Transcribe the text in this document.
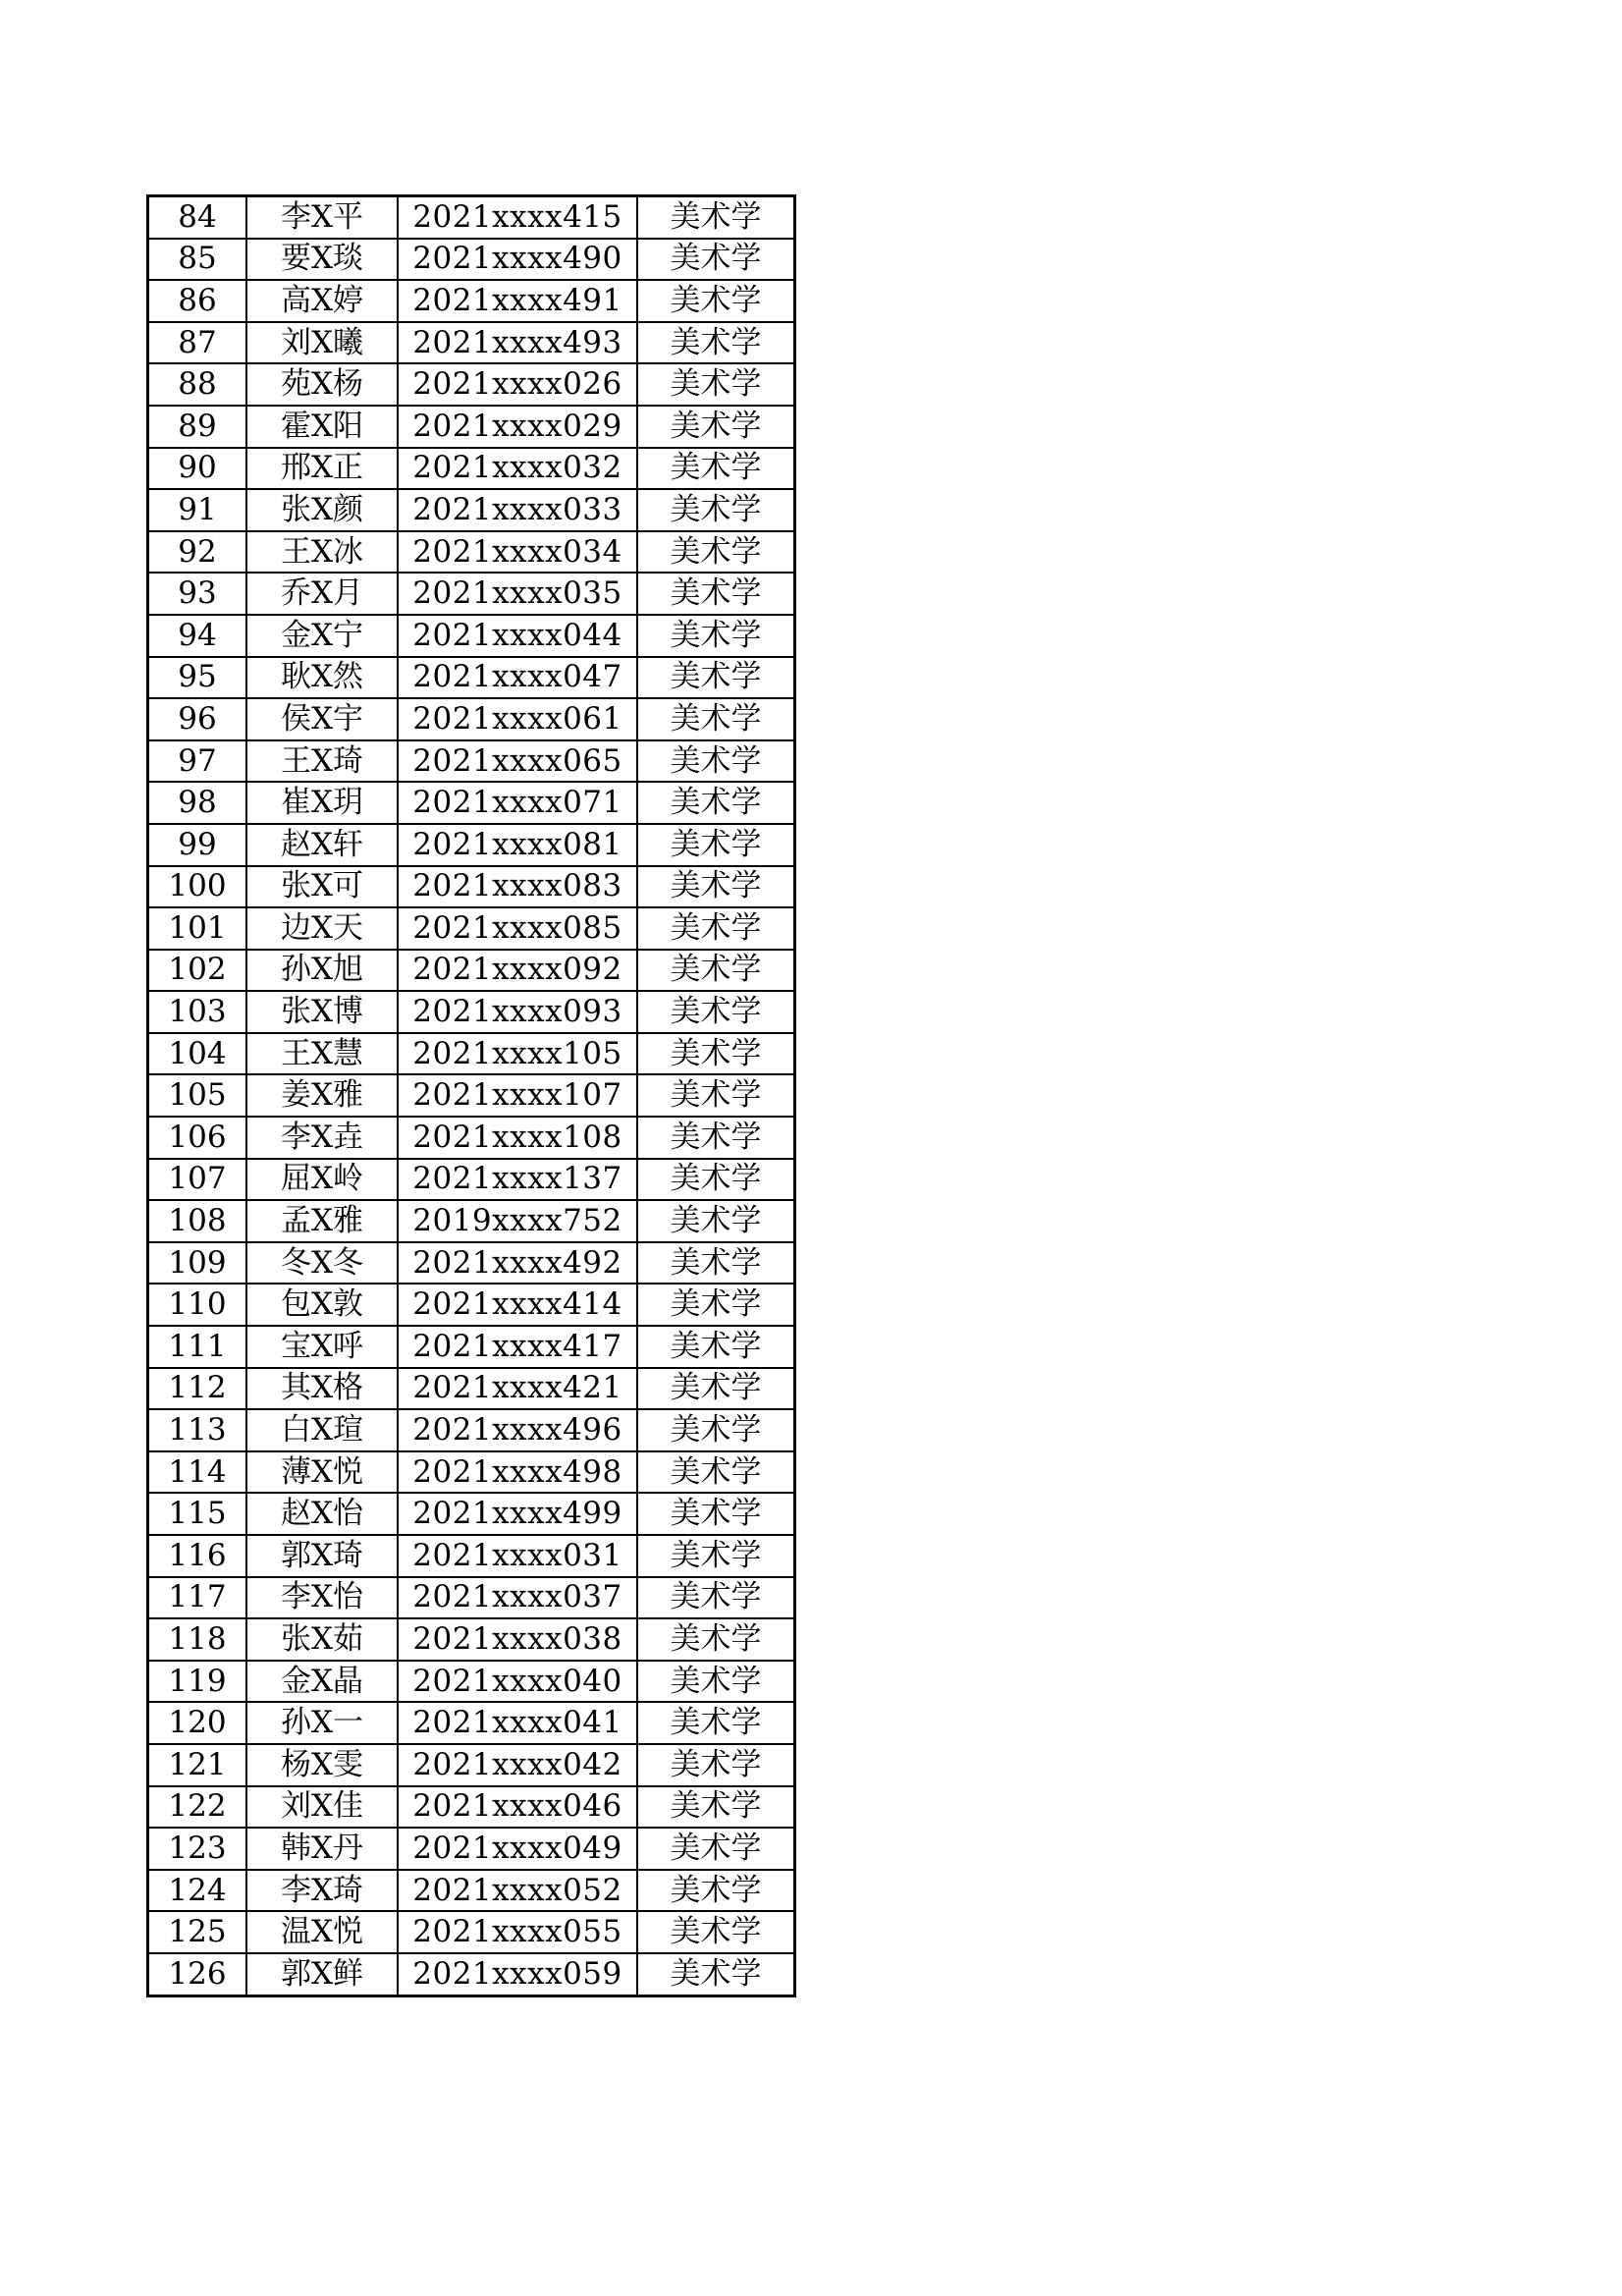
84	李X平	2021xxxx415	美术学
85	要X琰	2021xxxx490	美术学
86	高X婷	2021xxxx491	美术学
87	刘X曦	2021xxxx493	美术学
88	苑X杨	2021xxxx026	美术学
89	霍X阳	2021xxxx029	美术学
90	邢X正	2021xxxx032	美术学
91	张X颜	2021xxxx033	美术学
92	王X冰	2021xxxx034	美术学
93	乔X月	2021xxxx035	美术学
94	金X宁	2021xxxx044	美术学
95	耿X然	2021xxxx047	美术学
96	侯X宇	2021xxxx061	美术学
97	王X琦	2021xxxx065	美术学
98	崔X玥	2021xxxx071	美术学
99	赵X轩	2021xxxx081	美术学
100	张X可	2021xxxx083	美术学
101	边X天	2021xxxx085	美术学
102	孙X旭	2021xxxx092	美术学
103	张X博	2021xxxx093	美术学
104	王X慧	2021xxxx105	美术学
105	姜X雅	2021xxxx107	美术学
106	李X垚	2021xxxx108	美术学
107	屈X岭	2021xxxx137	美术学
108	孟X雅	2019xxxx752	美术学
109	冬X冬	2021xxxx492	美术学
110	包X敦	2021xxxx414	美术学
111	宝X呼	2021xxxx417	美术学
112	其X格	2021xxxx421	美术学
113	白X瑄	2021xxxx496	美术学
114	薄X悦	2021xxxx498	美术学
115	赵X怡	2021xxxx499	美术学
116	郭X琦	2021xxxx031	美术学
117	李X怡	2021xxxx037	美术学
118	张X茹	2021xxxx038	美术学
119	金X晶	2021xxxx040	美术学
120	孙X一	2021xxxx041	美术学
121	杨X雯	2021xxxx042	美术学
122	刘X佳	2021xxxx046	美术学
123	韩X丹	2021xxxx049	美术学
124	李X琦	2021xxxx052	美术学
125	温X悦	2021xxxx055	美术学
126	郭X鲜	2021xxxx059	美术学
